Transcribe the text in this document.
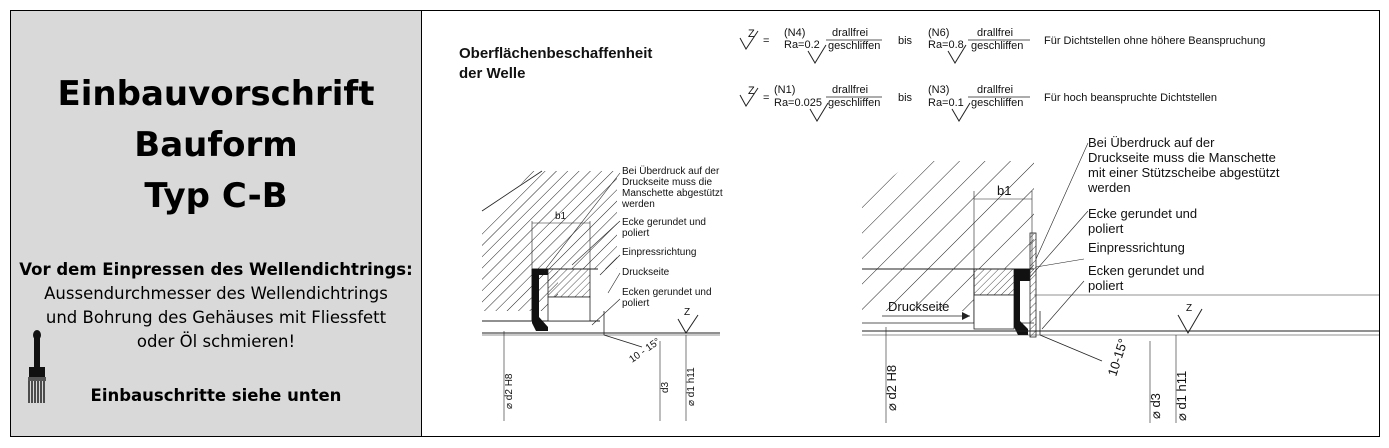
Einbauvorschrift
Bauform
Typ C-B
Vor dem Einpressen des Wellendichtrings:
Aussendurchmesser des Wellendichtrings
und Bohrung des Gehäuses mit Fliessfett
oder Öl schmieren!
Einbauschritte siehe unten
Oberflächenbeschaffenheit
der Welle
Z
=
(N4)
Ra=0.2
drallfrei
geschliffen bis
(N6)
Ra=0.8
drallfrei
geschliffen Für Dichtstellen ohne höhere Beanspruchung
Z
=
(N1)
Ra=0.025
drallfrei
geschliffen bis
(N3)
Ra=0.1
drallfrei
geschliffen Für hoch beanspruchte Dichtstellen
b1
⌀ d2 H8	d3 ⌀ d1 h11
10 - 15°
Z
Bei Überdruck auf der
Druckseite muss die
Manschette abgestützt
werden
Ecke gerundet und
poliert
Einpressrichtung
Druckseite
Ecken gerundet und
poliert
b1
Druckseite
⌀ d2 H8	⌀ d3 ⌀ d1 h11
10-15°
Z
Bei Überdruck auf der
Druckseite muss die Manschette
mit einer Stützscheibe abgestützt
werden
Ecke gerundet und
poliert
Einpressrichtung
Ecken gerundet und
poliert
